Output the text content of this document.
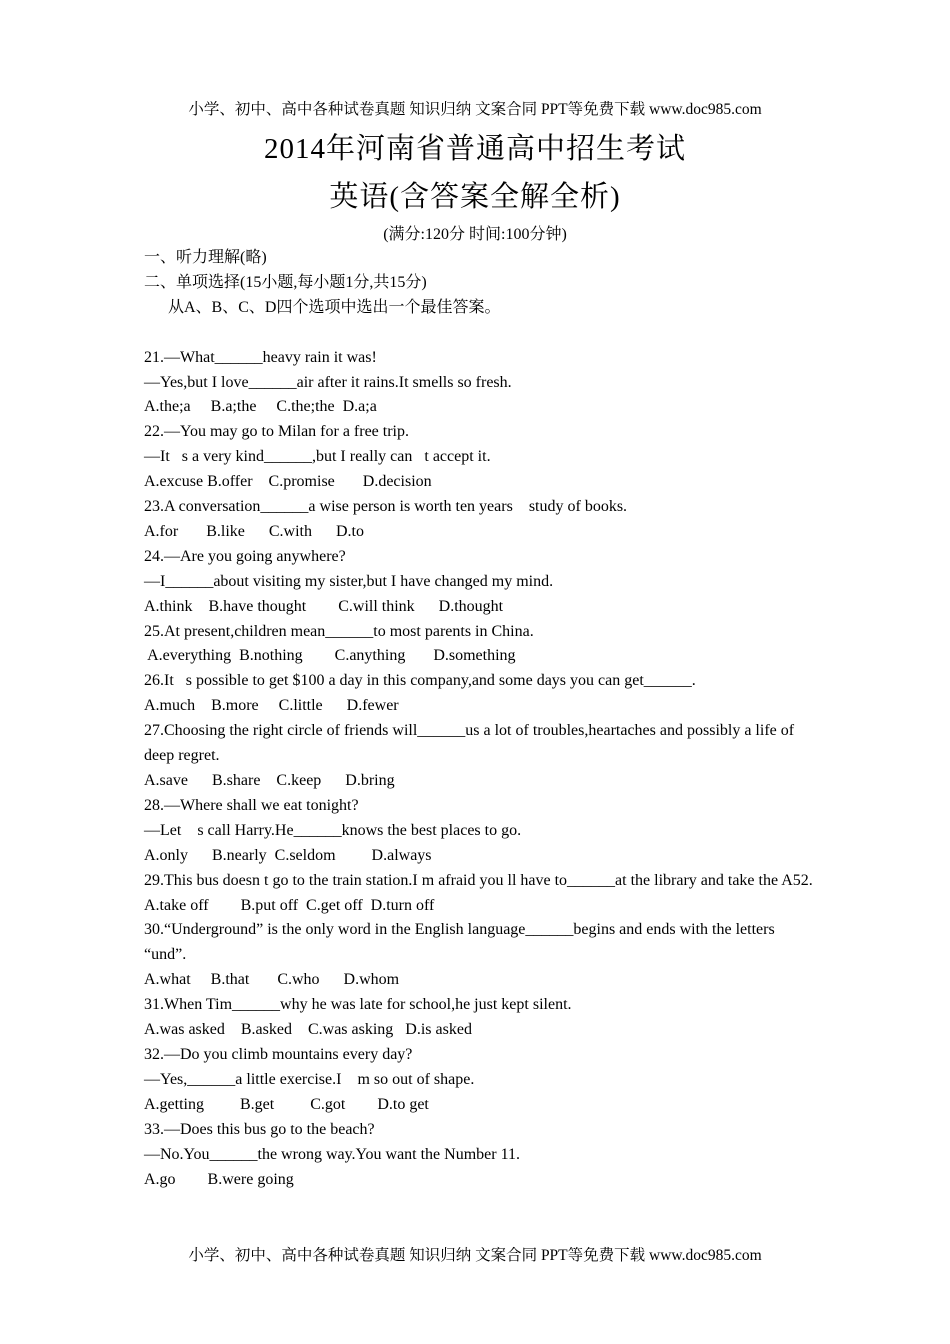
小学、初中、高中各种试卷真题 知识归纳 文案合同 PPT等免费下载 www.doc985.com
2014年河南省普通高中招生考试
英语(含答案全解全析)
(满分:120分 时间:100分钟)
一、听力理解(略)
二、单项选择(15小题,每小题1分,共15分)
从A、B、C、D四个选项中选出一个最佳答案。
21.—What______heavy rain it was!
—Yes,but I love______air after it rains.It smells so fresh.
A.the;a     B.a;the     C.the;the  D.a;a
22.—You may go to Milan for a free trip.
—It   s a very kind______,but I really can   t accept it.
A.excuse B.offer    C.promise       D.decision
23.A conversation______a wise person is worth ten years    study of books.
A.for       B.like      C.with      D.to
24.—Are you going anywhere?
—I______about visiting my sister,but I have changed my mind.
A.think    B.have thought        C.will think      D.thought
25.At present,children mean______to most parents in China.
A.everything  B.nothing        C.anything       D.something
26.It   s possible to get $100 a day in this company,and some days you can get______.
A.much    B.more     C.little      D.fewer
27.Choosing the right circle of friends will______us a lot of troubles,heartaches and possibly a life of deep regret.
A.save      B.share    C.keep      D.bring
28.—Where shall we eat tonight?
—Let    s call Harry.He______knows the best places to go.
A.only      B.nearly  C.seldom         D.always
29.This bus doesn t go to the train station.I m afraid you ll have to______at the library and take the A52.
A.take off        B.put off  C.get off  D.turn off
30.“Underground” is the only word in the English language______begins and ends with the letters “und”.
A.what     B.that       C.who      D.whom
31.When Tim______why he was late for school,he just kept silent.
A.was asked    B.asked    C.was asking   D.is asked
32.—Do you climb mountains every day?
—Yes,______a little exercise.I    m so out of shape.
A.getting         B.get         C.got        D.to get
33.—Does this bus go to the beach?
—No.You______the wrong way.You want the Number 11.
A.go        B.were going
小学、初中、高中各种试卷真题 知识归纳 文案合同 PPT等免费下载 www.doc985.com
